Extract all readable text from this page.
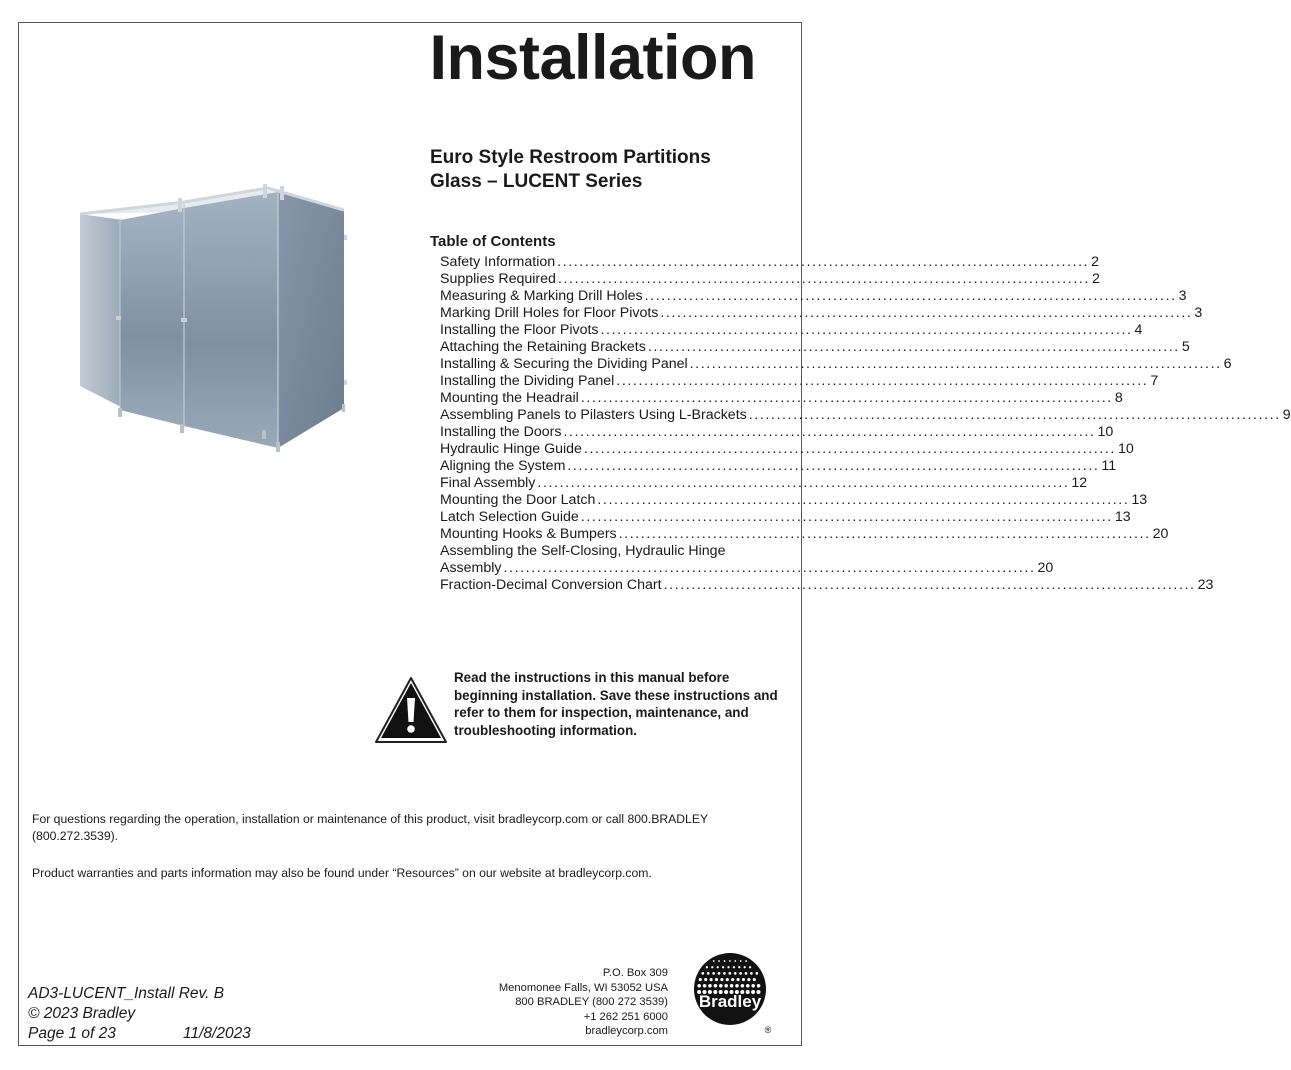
Installation
Euro Style Restroom Partitions
Glass – LUCENT Series
Table of Contents
Safety Information ................................................................................................ 2
Supplies Required ................................................................................................ 2
Measuring & Marking Drill Holes ................................................................................................ 3
Marking Drill Holes for Floor Pivots ................................................................................................ 3
Installing the Floor Pivots ................................................................................................ 4
Attaching the Retaining Brackets ................................................................................................ 5
Installing & Securing the Dividing Panel ................................................................................................ 6
Installing the Dividing Panel ................................................................................................ 7
Mounting the Headrail ................................................................................................ 8
Assembling Panels to Pilasters Using L-Brackets ................................................................................................ 9
Installing the Doors ................................................................................................ 10
Hydraulic Hinge Guide ................................................................................................ 10
Aligning the System ................................................................................................ 11
Final Assembly ................................................................................................ 12
Mounting the Door Latch ................................................................................................ 13
Latch Selection Guide ................................................................................................ 13
Mounting Hooks & Bumpers ................................................................................................ 20
Assembling the Self-Closing, Hydraulic Hinge
Assembly ................................................................................................ 20
Fraction-Decimal Conversion Chart ................................................................................................ 23

Read the instructions in this manual before beginning installation. Save these instructions and refer to them for inspection, maintenance, and troubleshooting information.

For questions regarding the operation, installation or maintenance of this product, visit bradleycorp.com or call 800.BRADLEY (800.272.3539).

Product warranties and parts information may also be found under “Resources” on our website at bradleycorp.com.

AD3-LUCENT_Install Rev. B
© 2023 Bradley
Page 1 of 23	11/8/2023
P.O. Box 309
Menomonee Falls, WI 53052 USA
800 BRADLEY (800 272 3539)
+1 262 251 6000
bradleycorp.com
Bradley
®
